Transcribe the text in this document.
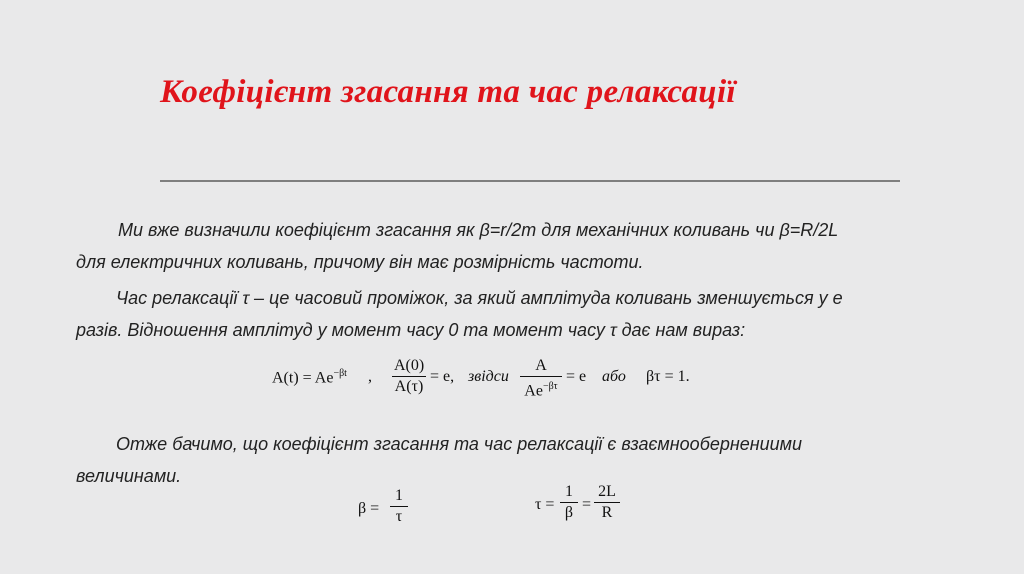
Коефіцієнт згасання та час релаксації
Ми вже визначили коефіцієнт згасання як β=r/2m для механічних коливань чи β=R/2L
для електричних коливань, причому він має розмірність частоти.
Час релаксації τ – це часовий проміжок, за який амплітуда коливань зменшується у е
разів. Відношення амплітуд у момент часу 0 та момент часу τ дає нам вираз:
$A(t) = Ae^{-\beta t}$ , $\frac{A(0)}{A(\tau)} = e$, звідси $\frac{A}{Ae^{-\beta\tau}} = e$ або βτ = 1.
Отже бачимо, що коефіцієнт згасання та час релаксації є взаємнообернениими
величинами.
$\beta = \frac{1}{\tau}$	$\tau = \frac{1}{\beta} = \frac{2L}{R}$
